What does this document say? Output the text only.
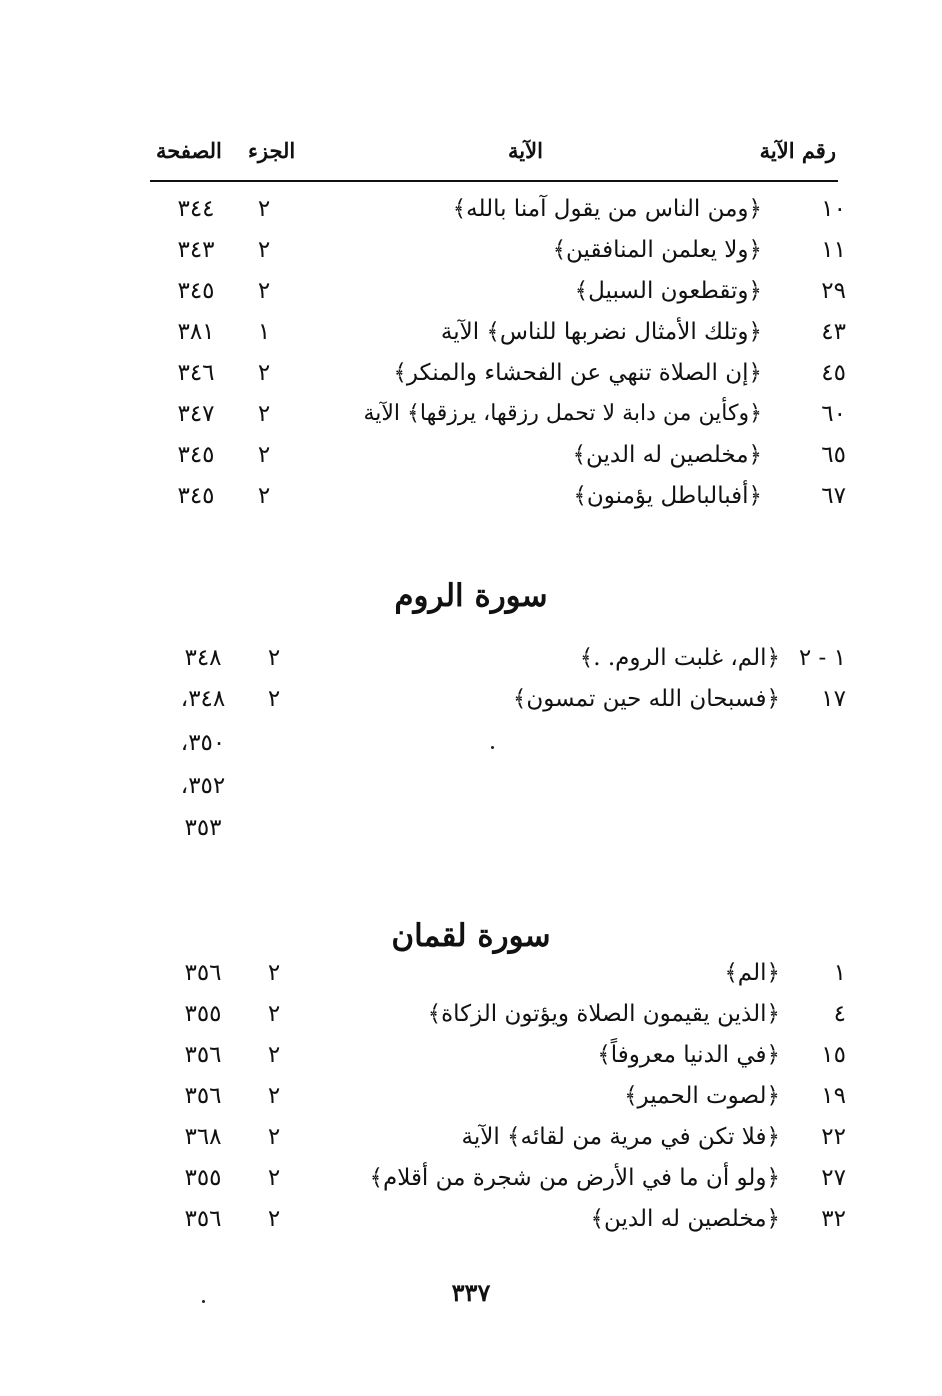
رقم الآية
الآية
الجزء
الصفحة
١٠
﴿ومن الناس من يقول آمنا بالله﴾
٢
٣٤٤
١١
﴿ولا يعلمن المنافقين﴾
٢
٣٤٣
٢٩
﴿وتقطعون السبيل﴾
٢
٣٤٥
٤٣
﴿وتلك الأمثال نضربها للناس﴾ الآية
١
٣٨١
٤٥
﴿إن الصلاة تنهي عن الفحشاء والمنكر﴾
٢
٣٤٦
٦٠
﴿وكأين من دابة لا تحمل رزقها، يرزقها﴾ الآية
٢
٣٤٧
٦٥
﴿مخلصين له الدين﴾
٢
٣٤٥
٦٧
﴿أفبالباطل يؤمنون﴾
٢
٣٤٥
سورة الروم
١ - ٢
﴿الم، غلبت الروم. .﴾
٢
٣٤٨
١٧
﴿فسبحان الله حين تمسون﴾
٢
٣٤٨،
٣٥٠،
٣٥٢،
٣٥٣
سورة لقمان
١
﴿الم﴾
٢
٣٥٦
٤
﴿الذين يقيمون الصلاة ويؤتون الزكاة﴾
٢
٣٥٥
١٥
﴿في الدنيا معروفاً﴾
٢
٣٥٦
١٩
﴿لصوت الحمير﴾
٢
٣٥٦
٢٢
﴿فلا تكن في مرية من لقائه﴾ الآية
٢
٣٦٨
٢٧
﴿ولو أن ما في الأرض من شجرة من أقلام﴾
٢
٣٥٥
٣٢
﴿مخلصين له الدين﴾
٢
٣٥٦
٣٣٧
